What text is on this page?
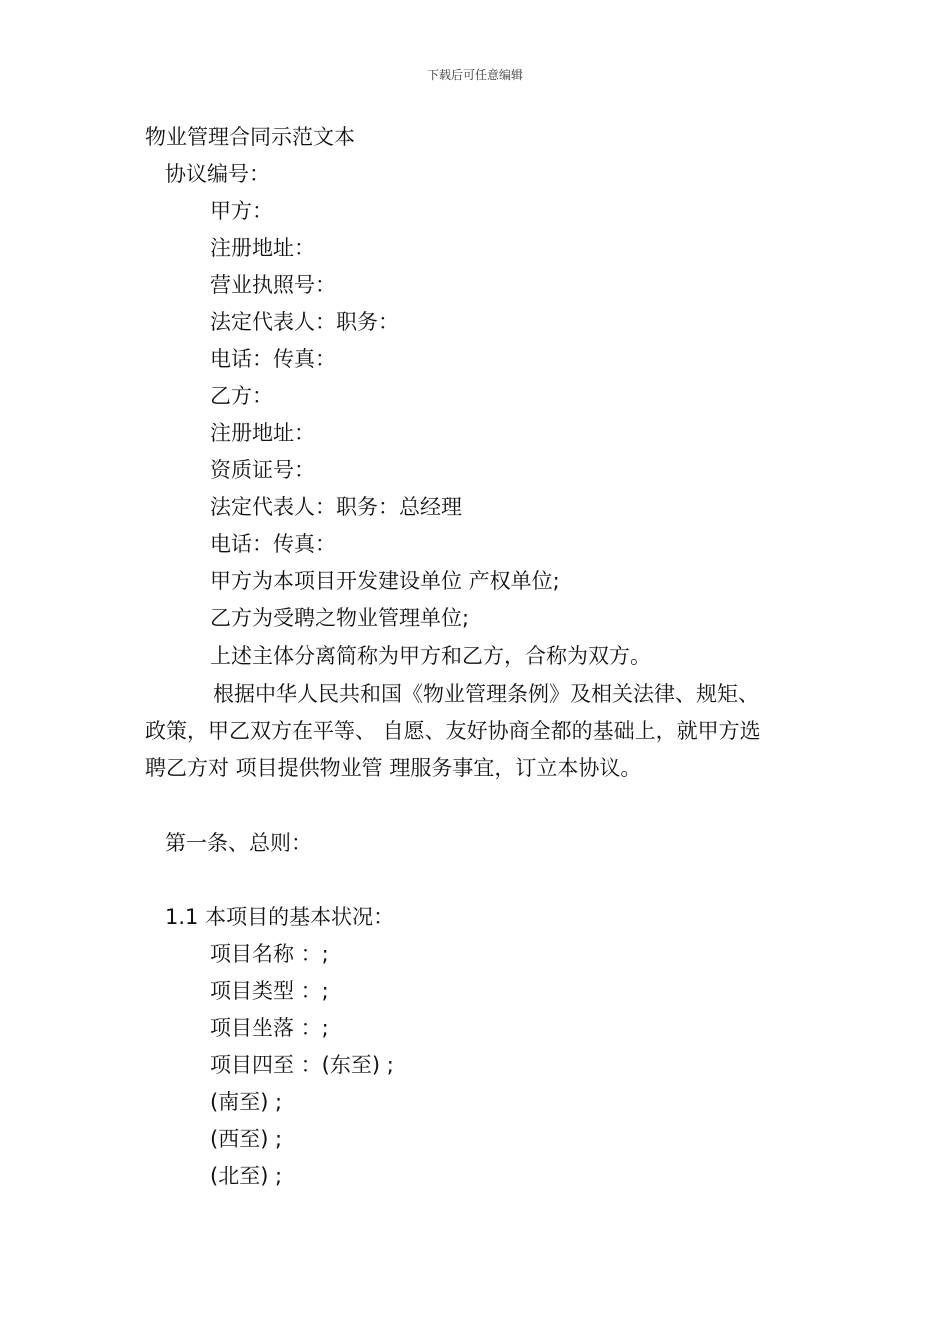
下载后可任意编辑
物业管理合同示范文本
协议编号：
甲方：
注册地址：
营业执照号：
法定代表人：职务：
电话：传真：
乙方：
注册地址：
资质证号：
法定代表人：职务：总经理
电话：传真：
甲方为本项目开发建设单位 产权单位;
乙方为受聘之物业管理单位;
上述主体分离简称为甲方和乙方，合称为双方。
根据中华人民共和国《物业管理条例》及相关法律、规矩、
政策，甲乙双方在平等、 自愿、友好协商全都的基础上，就甲方选
聘乙方对 项目提供物业管 理服务事宜，订立本协议。
第一条、总则：
1.1 本项目的基本状况：
项目名称 ：;
项目类型 ：;
项目坐落 ：;
项目四至 ：(东至) ;
(南至) ;
(西至) ;
(北至) ;
